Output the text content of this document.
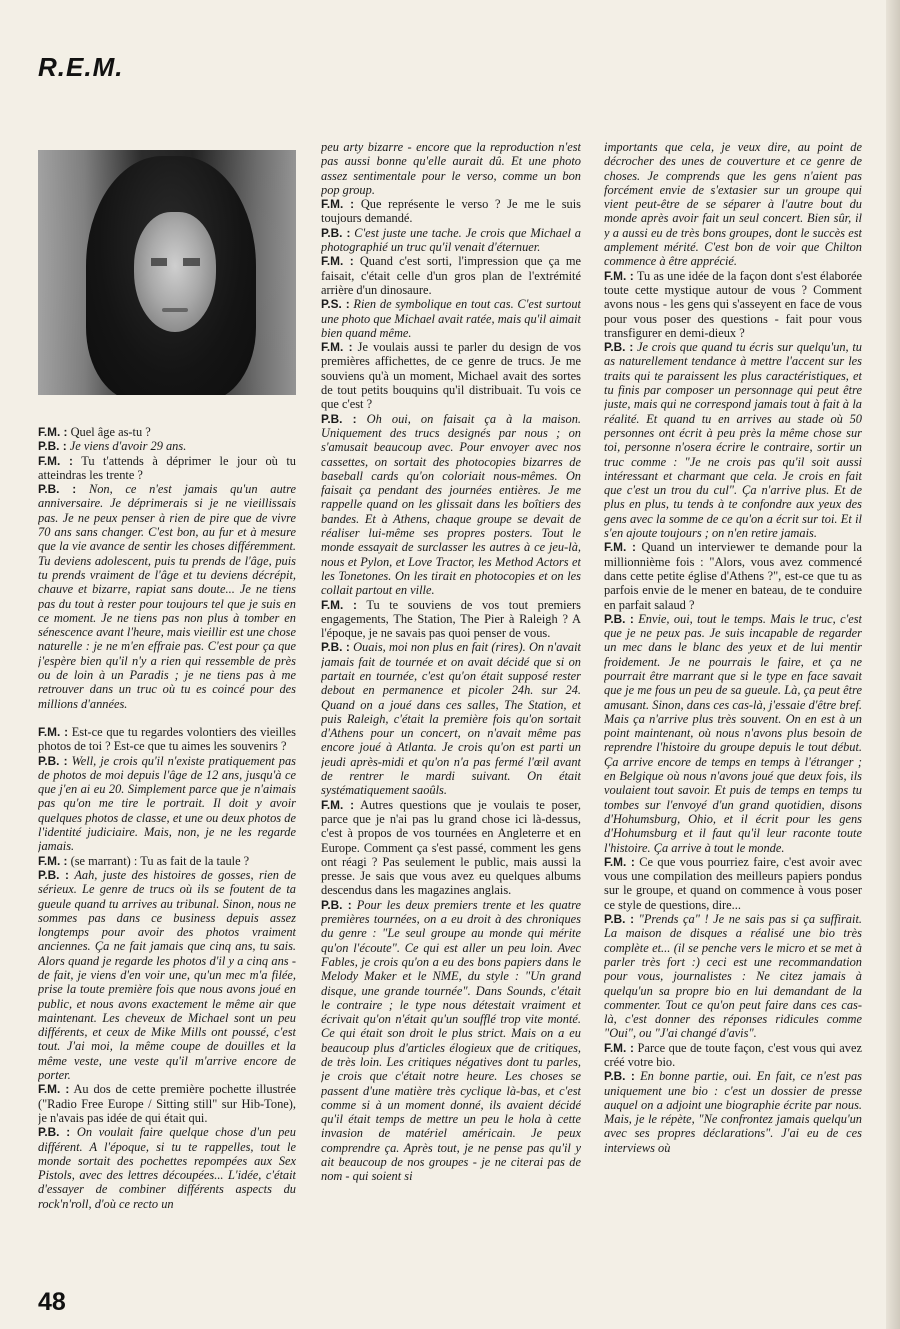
R.E.M.

F.M. : Quel âge as-tu ?

P.B. : Je viens d'avoir 29 ans.

F.M. : Tu t'attends à déprimer le jour où tu atteindras les trente ?

P.B. : Non, ce n'est jamais qu'un autre anniversaire. Je déprimerais si je ne vieillissais pas. Je ne peux penser à rien de pire que de vivre 70 ans sans changer. C'est bon, au fur et à mesure que la vie avance de sentir les choses différemment. Tu deviens adolescent, puis tu prends de l'âge, puis tu prends vraiment de l'âge et tu deviens décrépit, chauve et bizarre, rapiat sans doute... Je ne tiens pas du tout à rester pour toujours tel que je suis en ce moment. Je ne tiens pas non plus à tomber en sénescence avant l'heure, mais vieillir est une chose naturelle : je ne m'en effraie pas. C'est pour ça que j'espère bien qu'il n'y a rien qui ressemble de près ou de loin à un Paradis ; je ne tiens pas à me retrouver dans un truc où tu es coincé pour des millions d'années.

F.M. : Est-ce que tu regardes volontiers des vieilles photos de toi ? Est-ce que tu aimes les souvenirs ?

P.B. : Well, je crois qu'il n'existe pratiquement pas de photos de moi depuis l'âge de 12 ans, jusqu'à ce que j'en ai eu 20. Simplement parce que je n'aimais pas qu'on me tire le portrait. Il doit y avoir quelques photos de classe, et une ou deux photos de l'identité judiciaire. Mais, non, je ne les regarde jamais.

F.M. : (se marrant) : Tu as fait de la taule ?

P.B. : Aah, juste des histoires de gosses, rien de sérieux. Le genre de trucs où ils se foutent de ta gueule quand tu arrives au tribunal. Sinon, nous ne sommes pas dans ce business depuis assez longtemps pour avoir des photos vraiment anciennes. Ça ne fait jamais que cinq ans, tu sais. Alors quand je regarde les photos d'il y a cinq ans - de fait, je viens d'en voir une, qu'un mec m'a filée, prise la toute première fois que nous avons joué en public, et nous avons exactement le même air que maintenant. Les cheveux de Michael sont un peu différents, et ceux de Mike Mills ont poussé, c'est tout. J'ai moi, la même coupe de douilles et la même veste, une veste qu'il m'arrive encore de porter.

F.M. : Au dos de cette première pochette illustrée ("Radio Free Europe / Sitting still" sur Hib-Tone), je n'avais pas idée de qui était qui.

P.B. : On voulait faire quelque chose d'un peu différent. A l'époque, si tu te rappelles, tout le monde sortait des pochettes repompées aux Sex Pistols, avec des lettres découpées... L'idée, c'était d'essayer de combiner différents aspects du rock'n'roll, d'où ce recto un

peu arty bizarre - encore que la reproduction n'est pas aussi bonne qu'elle aurait dû. Et une photo assez sentimentale pour le verso, comme un bon pop group.

F.M. : Que représente le verso ? Je me le suis toujours demandé.

P.B. : C'est juste une tache. Je crois que Michael a photographié un truc qu'il venait d'éternuer.

F.M. : Quand c'est sorti, l'impression que ça me faisait, c'était celle d'un gros plan de l'extrémité arrière d'un dinosaure.

P.S. : Rien de symbolique en tout cas. C'est surtout une photo que Michael avait ratée, mais qu'il aimait bien quand même.

F.M. : Je voulais aussi te parler du design de vos premières affichettes, de ce genre de trucs. Je me souviens qu'à un moment, Michael avait des sortes de tout petits bouquins qu'il distribuait. Tu vois ce que c'est ?

P.B. : Oh oui, on faisait ça à la maison. Uniquement des trucs designés par nous ; on s'amusait beaucoup avec. Pour envoyer avec nos cassettes, on sortait des photocopies bizarres de baseball cards qu'on coloriait nous-mêmes. On faisait ça pendant des journées entières. Je me rappelle quand on les glissait dans les boîtiers des bandes. Et à Athens, chaque groupe se devait de réaliser lui-même ses propres posters. Tout le monde essayait de surclasser les autres à ce jeu-là, nous et Pylon, et Love Tractor, les Method Actors et les Tonetones. On les tirait en photocopies et on les collait partout en ville.

F.M. : Tu te souviens de vos tout premiers engagements, The Station, The Pier à Raleigh ? A l'époque, je ne savais pas quoi penser de vous.

P.B. : Ouais, moi non plus en fait (rires). On n'avait jamais fait de tournée et on avait décidé que si on partait en tournée, c'est qu'on était supposé rester debout en permanence et picoler 24h. sur 24. Quand on a joué dans ces salles, The Station, et puis Raleigh, c'était la première fois qu'on sortait d'Athens pour un concert, on n'avait même pas encore joué à Atlanta. Je crois qu'on est parti un jeudi après-midi et qu'on n'a pas fermé l'œil avant de rentrer le mardi suivant. On était systématiquement saoûls.

F.M. : Autres questions que je voulais te poser, parce que je n'ai pas lu grand chose ici là-dessus, c'est à propos de vos tournées en Angleterre et en Europe. Comment ça s'est passé, comment les gens ont réagi ? Pas seulement le public, mais aussi la presse. Je sais que vous avez eu quelques albums descendus dans les magazines anglais.

P.B. : Pour les deux premiers trente et les quatre premières tournées, on a eu droit à des chroniques du genre : "Le seul groupe au monde qui mérite qu'on l'écoute". Ce qui est aller un peu loin. Avec Fables, je crois qu'on a eu des bons papiers dans le Melody Maker et le NME, du style : "Un grand disque, une grande tournée". Dans Sounds, c'était le contraire ; le type nous détestait vraiment et écrivait qu'on n'était qu'un soufflé trop vite monté. Ce qui était son droit le plus strict. Mais on a eu beaucoup plus d'articles élogieux que de critiques, de très loin. Les critiques négatives dont tu parles, je crois que c'était notre heure. Les choses se passent d'une matière très cyclique là-bas, et c'est comme si à un moment donné, ils avaient décidé qu'il était temps de mettre un peu le hola à cette invasion de matériel américain. Je peux comprendre ça. Après tout, je ne pense pas qu'il y ait beaucoup de nos groupes - je ne citerai pas de nom - qui soient si

importants que cela, je veux dire, au point de décrocher des unes de couverture et ce genre de choses. Je comprends que les gens n'aient pas forcément envie de s'extasier sur un groupe qui vient peut-être de se séparer à l'autre bout du monde après avoir fait un seul concert. Bien sûr, il y a aussi eu de très bons groupes, dont le succès est amplement mérité. C'est bon de voir que Chilton commence à être apprécié.

F.M. : Tu as une idée de la façon dont s'est élaborée toute cette mystique autour de vous ? Comment avons nous - les gens qui s'asseyent en face de vous pour vous poser des questions - fait pour vous transfigurer en demi-dieux ?

P.B. : Je crois que quand tu écris sur quelqu'un, tu as naturellement tendance à mettre l'accent sur les traits qui te paraissent les plus caractéristiques, et tu finis par composer un personnage qui peut être juste, mais qui ne correspond jamais tout à fait à la réalité. Et quand tu en arrives au stade où 50 personnes ont écrit à peu près la même chose sur toi, personne n'osera écrire le contraire, sortir un truc comme : "Je ne crois pas qu'il soit aussi intéressant et charmant que cela. Je crois en fait que c'est un trou du cul". Ça n'arrive plus. Et de plus en plus, tu tends à te confondre aux yeux des gens avec la somme de ce qu'on a écrit sur toi. Et il s'en ajoute toujours ; on n'en retire jamais.

F.M. : Quand un interviewer te demande pour la millionnième fois : "Alors, vous avez commencé dans cette petite église d'Athens ?", est-ce que tu as parfois envie de le mener en bateau, de te conduire en parfait salaud ?

P.B. : Envie, oui, tout le temps. Mais le truc, c'est que je ne peux pas. Je suis incapable de regarder un mec dans le blanc des yeux et de lui mentir froidement. Je ne pourrais le faire, et ça ne pourrait être marrant que si le type en face savait que je me fous un peu de sa gueule. Là, ça peut être amusant. Sinon, dans ces cas-là, j'essaie d'être bref. Mais ça n'arrive plus très souvent. On en est à un point maintenant, où nous n'avons plus besoin de reprendre l'histoire du groupe depuis le tout début. Ça arrive encore de temps en temps à l'étranger ; en Belgique où nous n'avons joué que deux fois, ils voulaient tout savoir. Et puis de temps en temps tu tombes sur l'envoyé d'un grand quotidien, disons d'Hohumsburg, Ohio, et il écrit pour les gens d'Hohumsburg et il faut qu'il leur raconte toute l'histoire. Ça arrive à tout le monde.

F.M. : Ce que vous pourriez faire, c'est avoir avec vous une compilation des meilleurs papiers pondus sur le groupe, et quand on commence à vous poser ce style de questions, dire...

P.B. : "Prends ça" ! Je ne sais pas si ça suffirait. La maison de disques a réalisé une bio très complète et... (il se penche vers le micro et se met à parler très fort :) ceci est une recommandation pour vous, journalistes : Ne citez jamais à quelqu'un sa propre bio en lui demandant de la commenter. Tout ce qu'on peut faire dans ces cas-là, c'est donner des réponses ridicules comme "Oui", ou "J'ai changé d'avis".

F.M. : Parce que de toute façon, c'est vous qui avez créé votre bio.

P.B. : En bonne partie, oui. En fait, ce n'est pas uniquement une bio : c'est un dossier de presse auquel on a adjoint une biographie écrite par nous. Mais, je le répète, "Ne confrontez jamais quelqu'un avec ses propres déclarations". J'ai eu de ces interviews où

48
